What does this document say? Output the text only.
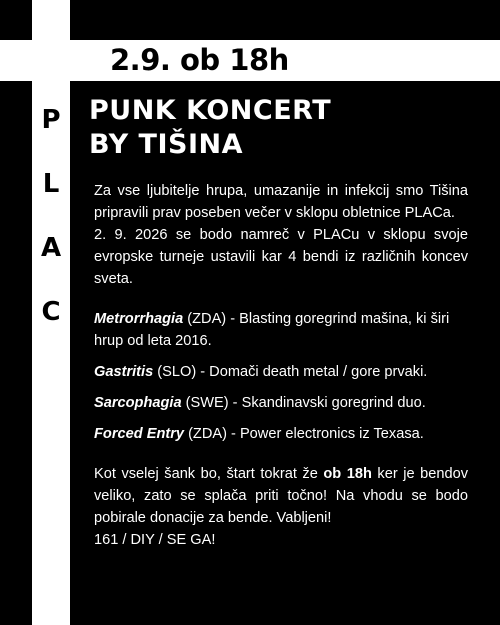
2.9. ob 18h
P
L
A
C
PUNK KONCERT
BY TIŠINA

Za vse ljubitelje hrupa, umazanije in infekcij smo Tišina pripravili prav poseben večer v sklopu obletnice PLACa.

2. 9. 2026 se bodo namreč v PLACu v sklopu svoje evropske turneje ustavili kar 4 bendi iz različnih koncev sveta.

Metrorrhagia (ZDA) - Blasting goregrind mašina, ki širi hrup od leta 2016.

Gastritis (SLO) - Domači death metal / gore prvaki.

Sarcophagia (SWE) - Skandinavski goregrind duo.

Forced Entry (ZDA) - Power electronics iz Texasa.

Kot vselej šank bo, štart tokrat že ob 18h ker je bendov veliko, zato se splača priti točno! Na vhodu se bodo pobirale donacije za bende. Vabljeni!

161 / DIY / SE GA!
